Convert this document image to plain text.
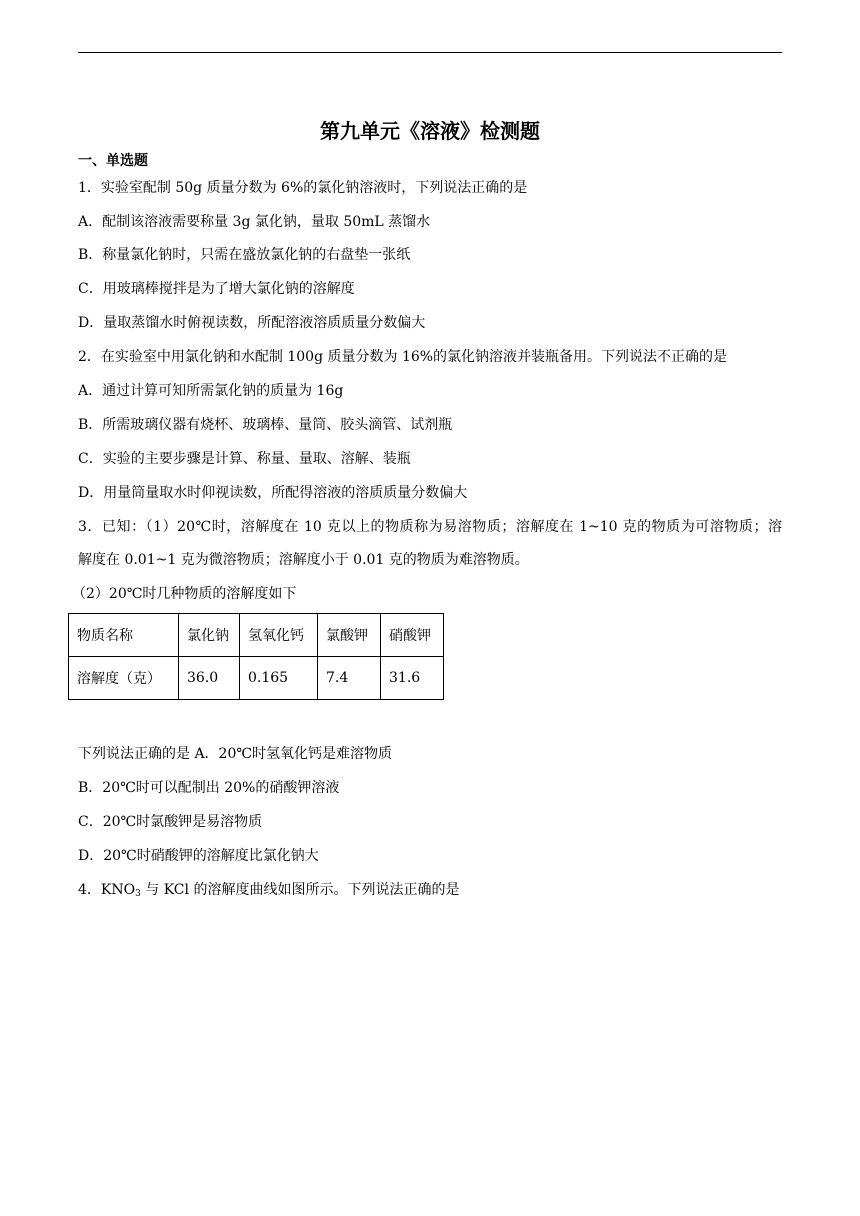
第九单元《溶液》检测题
一、单选题
1．实验室配制 50g 质量分数为 6%的氯化钠溶液时，下列说法正确的是
A．配制该溶液需要称量 3g 氯化钠，量取 50mL 蒸馏水
B．称量氯化钠时，只需在盛放氯化钠的右盘垫一张纸
C．用玻璃棒搅拌是为了增大氯化钠的溶解度
D．量取蒸馏水时俯视读数，所配溶液溶质质量分数偏大
2．在实验室中用氯化钠和水配制 100g 质量分数为 16%的氯化钠溶液并装瓶备用。下列说法不正确的是
A．通过计算可知所需氯化钠的质量为 16g
B．所需玻璃仪器有烧杯、玻璃棒、量筒、胶头滴管、试剂瓶
C．实验的主要步骤是计算、称量、量取、溶解、装瓶
D．用量筒量取水时仰视读数，所配得溶液的溶质质量分数偏大
3．已知：（1）20℃时，溶解度在 10 克以上的物质称为易溶物质；溶解度在 1~10 克的物质为可溶物质；溶
解度在 0.01~1 克为微溶物质；溶解度小于 0.01 克的物质为难溶物质。
（2）20℃时几种物质的溶解度如下
物质名称	氯化钠	氢氧化钙	氯酸钾	硝酸钾
溶解度（克）	36.0	0.165	7.4	31.6
下列说法正确的是 A．20℃时氢氧化钙是难溶物质
B．20℃时可以配制出 20%的硝酸钾溶液
C．20℃时氯酸钾是易溶物质
D．20℃时硝酸钾的溶解度比氯化钠大
4．$KNO_3$ 与 KCl 的溶解度曲线如图所示。下列说法正确的是
